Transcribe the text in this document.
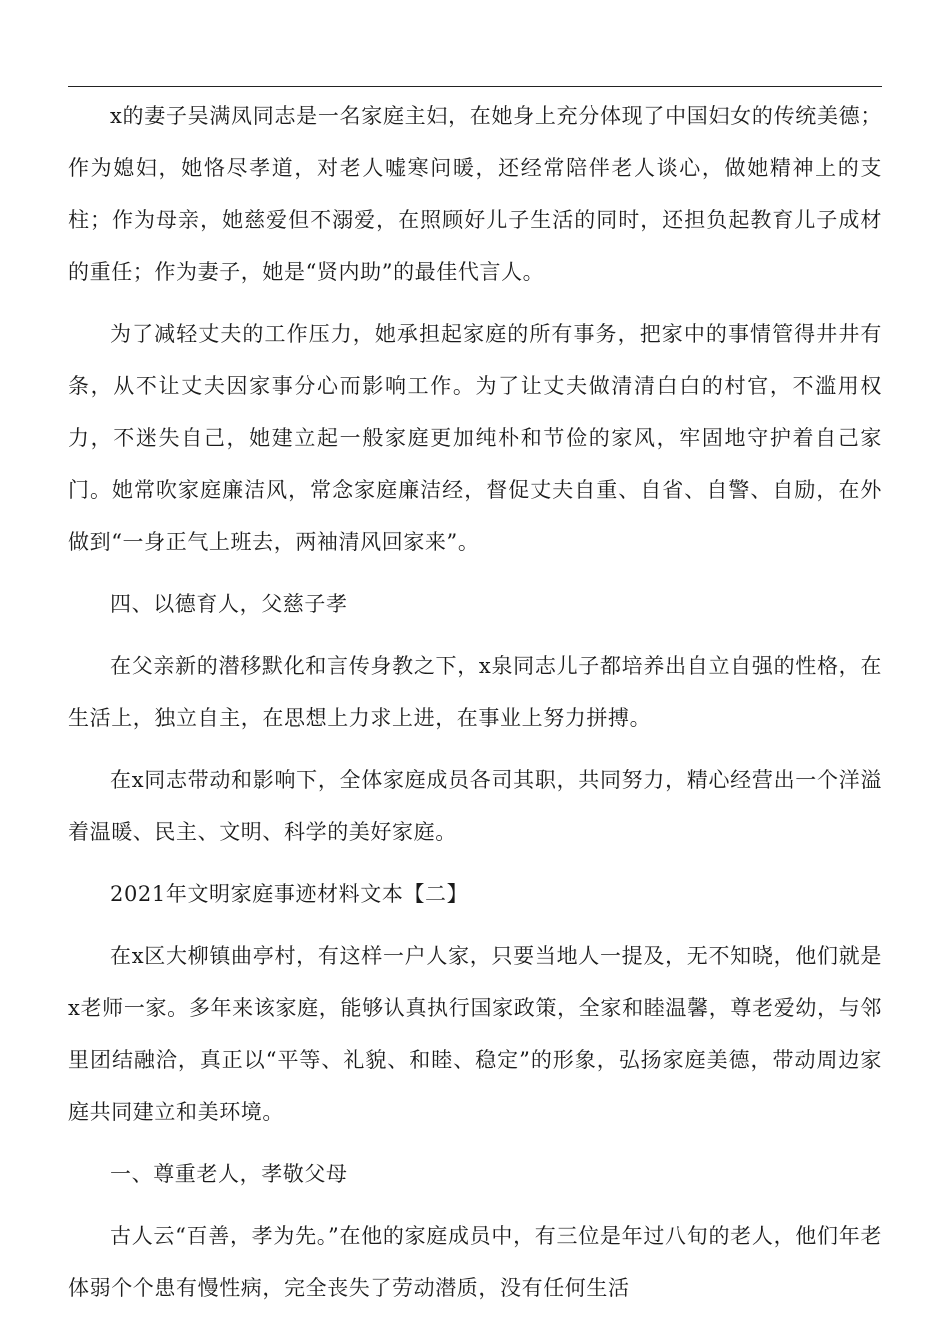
x的妻子吴满凤同志是一名家庭主妇，在她身上充分体现了中国妇女的传统美德；作为媳妇，她恪尽孝道，对老人嘘寒问暖，还经常陪伴老人谈心，做她精神上的支柱；作为母亲，她慈爱但不溺爱，在照顾好儿子生活的同时，还担负起教育儿子成材的重任；作为妻子，她是“贤内助”的最佳代言人。

为了减轻丈夫的工作压力，她承担起家庭的所有事务，把家中的事情管得井井有条，从不让丈夫因家事分心而影响工作。为了让丈夫做清清白白的村官，不滥用权力，不迷失自己，她建立起一般家庭更加纯朴和节俭的家风，牢固地守护着自己家门。她常吹家庭廉洁风，常念家庭廉洁经，督促丈夫自重、自省、自警、自励，在外做到“一身正气上班去，两袖清风回家来”。

四、以德育人，父慈子孝

在父亲新的潜移默化和言传身教之下，x泉同志儿子都培养出自立自强的性格，在生活上，独立自主，在思想上力求上进，在事业上努力拼搏。

在x同志带动和影响下，全体家庭成员各司其职，共同努力，精心经营出一个洋溢着温暖、民主、文明、科学的美好家庭。

2021年文明家庭事迹材料文本【二】

在x区大柳镇曲亭村，有这样一户人家，只要当地人一提及，无不知晓，他们就是x老师一家。多年来该家庭，能够认真执行国家政策，全家和睦温馨，尊老爱幼，与邻里团结融洽，真正以“平等、礼貌、和睦、稳定”的形象，弘扬家庭美德，带动周边家庭共同建立和美环境。

一、尊重老人，孝敬父母

古人云“百善，孝为先。”在他的家庭成员中，有三位是年过八旬的老人，他们年老体弱个个患有慢性病，完全丧失了劳动潜质，没有任何生活
